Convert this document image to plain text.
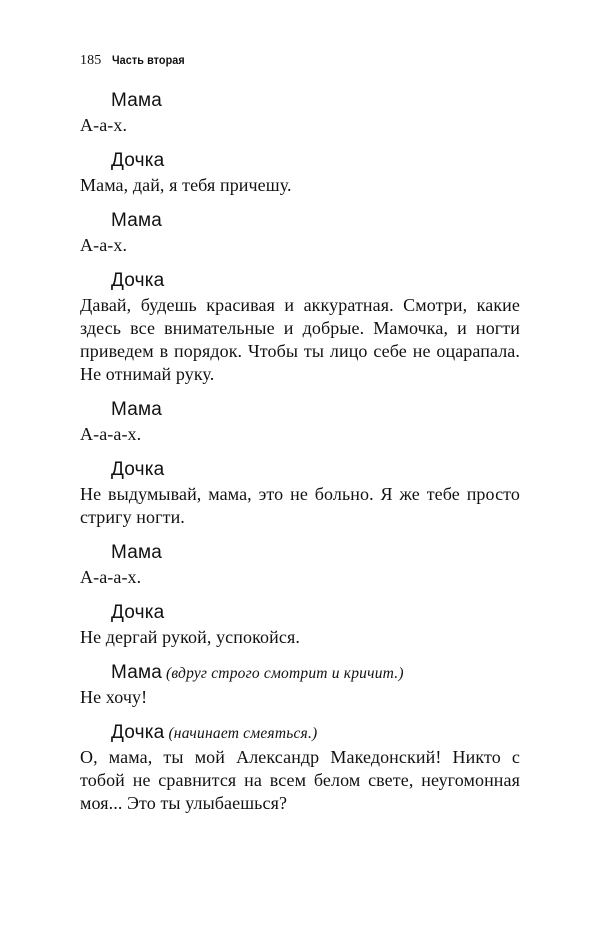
185 Часть вторая
Мама
А-а-х.
Дочка
Мама, дай, я тебя причешу.
Мама
А-а-х.
Дочка
Давай, будешь красивая и аккуратная. Смотри, какие здесь все внимательные и добрые. Мамочка, и ногти приведем в порядок. Чтобы ты лицо себе не оцарапала. Не отнимай руку.
Мама
А-а-а-х.
Дочка
Не выдумывай, мама, это не больно. Я же тебе просто стригу ногти.
Мама
А-а-а-х.
Дочка
Не дергай рукой, успокойся.
Мама (вдруг строго смотрит и кричит.)
Не хочу!
Дочка (начинает смеяться.)
О, мама, ты мой Александр Македонский! Никто с тобой не сравнится на всем белом свете, неугомонная моя... Это ты улыбаешься?
